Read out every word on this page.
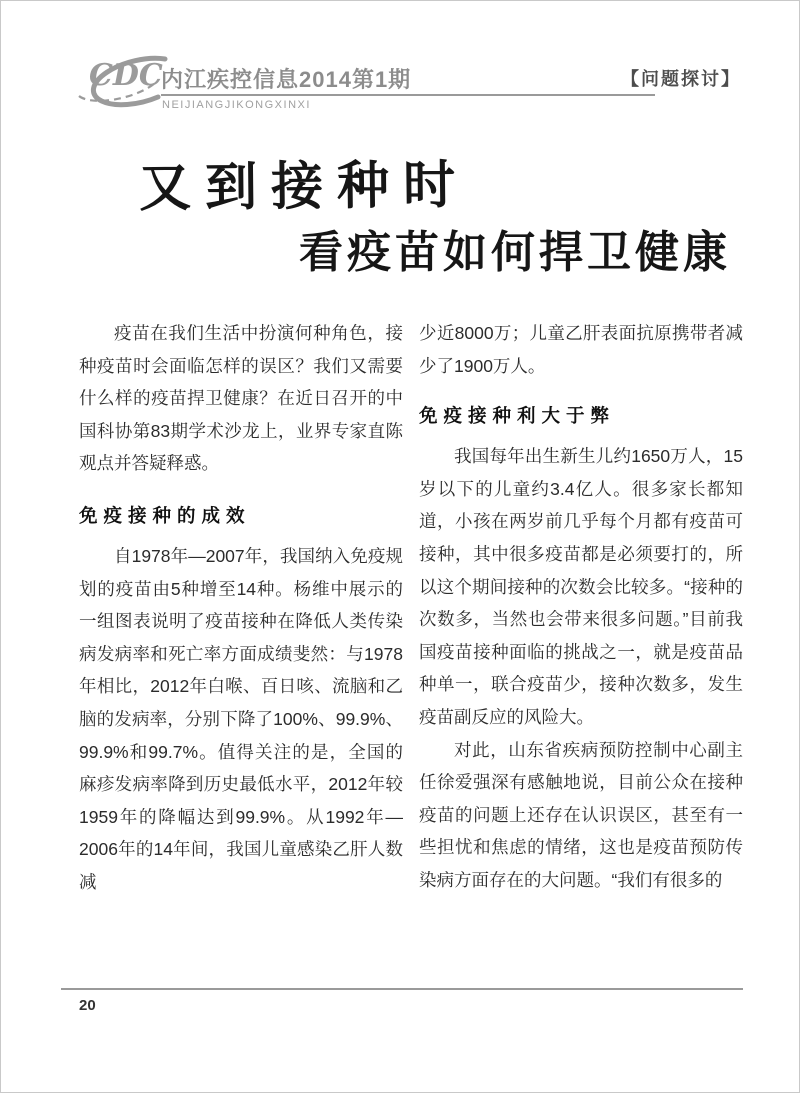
CDC
内江疾控信息2014第1期
NEIJIANGJIKONGXINXI
【问题探讨】
又到接种时
看疫苗如何捍卫健康

疫苗在我们生活中扮演何种角色，接种疫苗时会面临怎样的误区？我们又需要什么样的疫苗捍卫健康？在近日召开的中国科协第83期学术沙龙上，业界专家直陈观点并答疑释惑。

免疫接种的成效

自1978年—2007年，我国纳入免疫规划的疫苗由5种增至14种。杨维中展示的一组图表说明了疫苗接种在降低人类传染病发病率和死亡率方面成绩斐然：与1978年相比，2012年白喉、百日咳、流脑和乙脑的发病率，分别下降了100%、99.9%、99.9%和99.7%。值得关注的是，全国的麻疹发病率降到历史最低水平，2012年较1959年的降幅达到99.9%。从1992年—2006年的14年间，我国儿童感染乙肝人数减

少近8000万；儿童乙肝表面抗原携带者减少了1900万人。

免疫接种利大于弊

我国每年出生新生儿约1650万人，15岁以下的儿童约3.4亿人。很多家长都知道，小孩在两岁前几乎每个月都有疫苗可接种，其中很多疫苗都是必须要打的，所以这个期间接种的次数会比较多。“接种的次数多，当然也会带来很多问题。”目前我国疫苗接种面临的挑战之一，就是疫苗品种单一，联合疫苗少，接种次数多，发生疫苗副反应的风险大。

对此，山东省疾病预防控制中心副主任徐爱强深有感触地说，目前公众在接种疫苗的问题上还存在认识误区，甚至有一些担忧和焦虑的情绪，这也是疫苗预防传染病方面存在的大问题。“我们有很多的

20
